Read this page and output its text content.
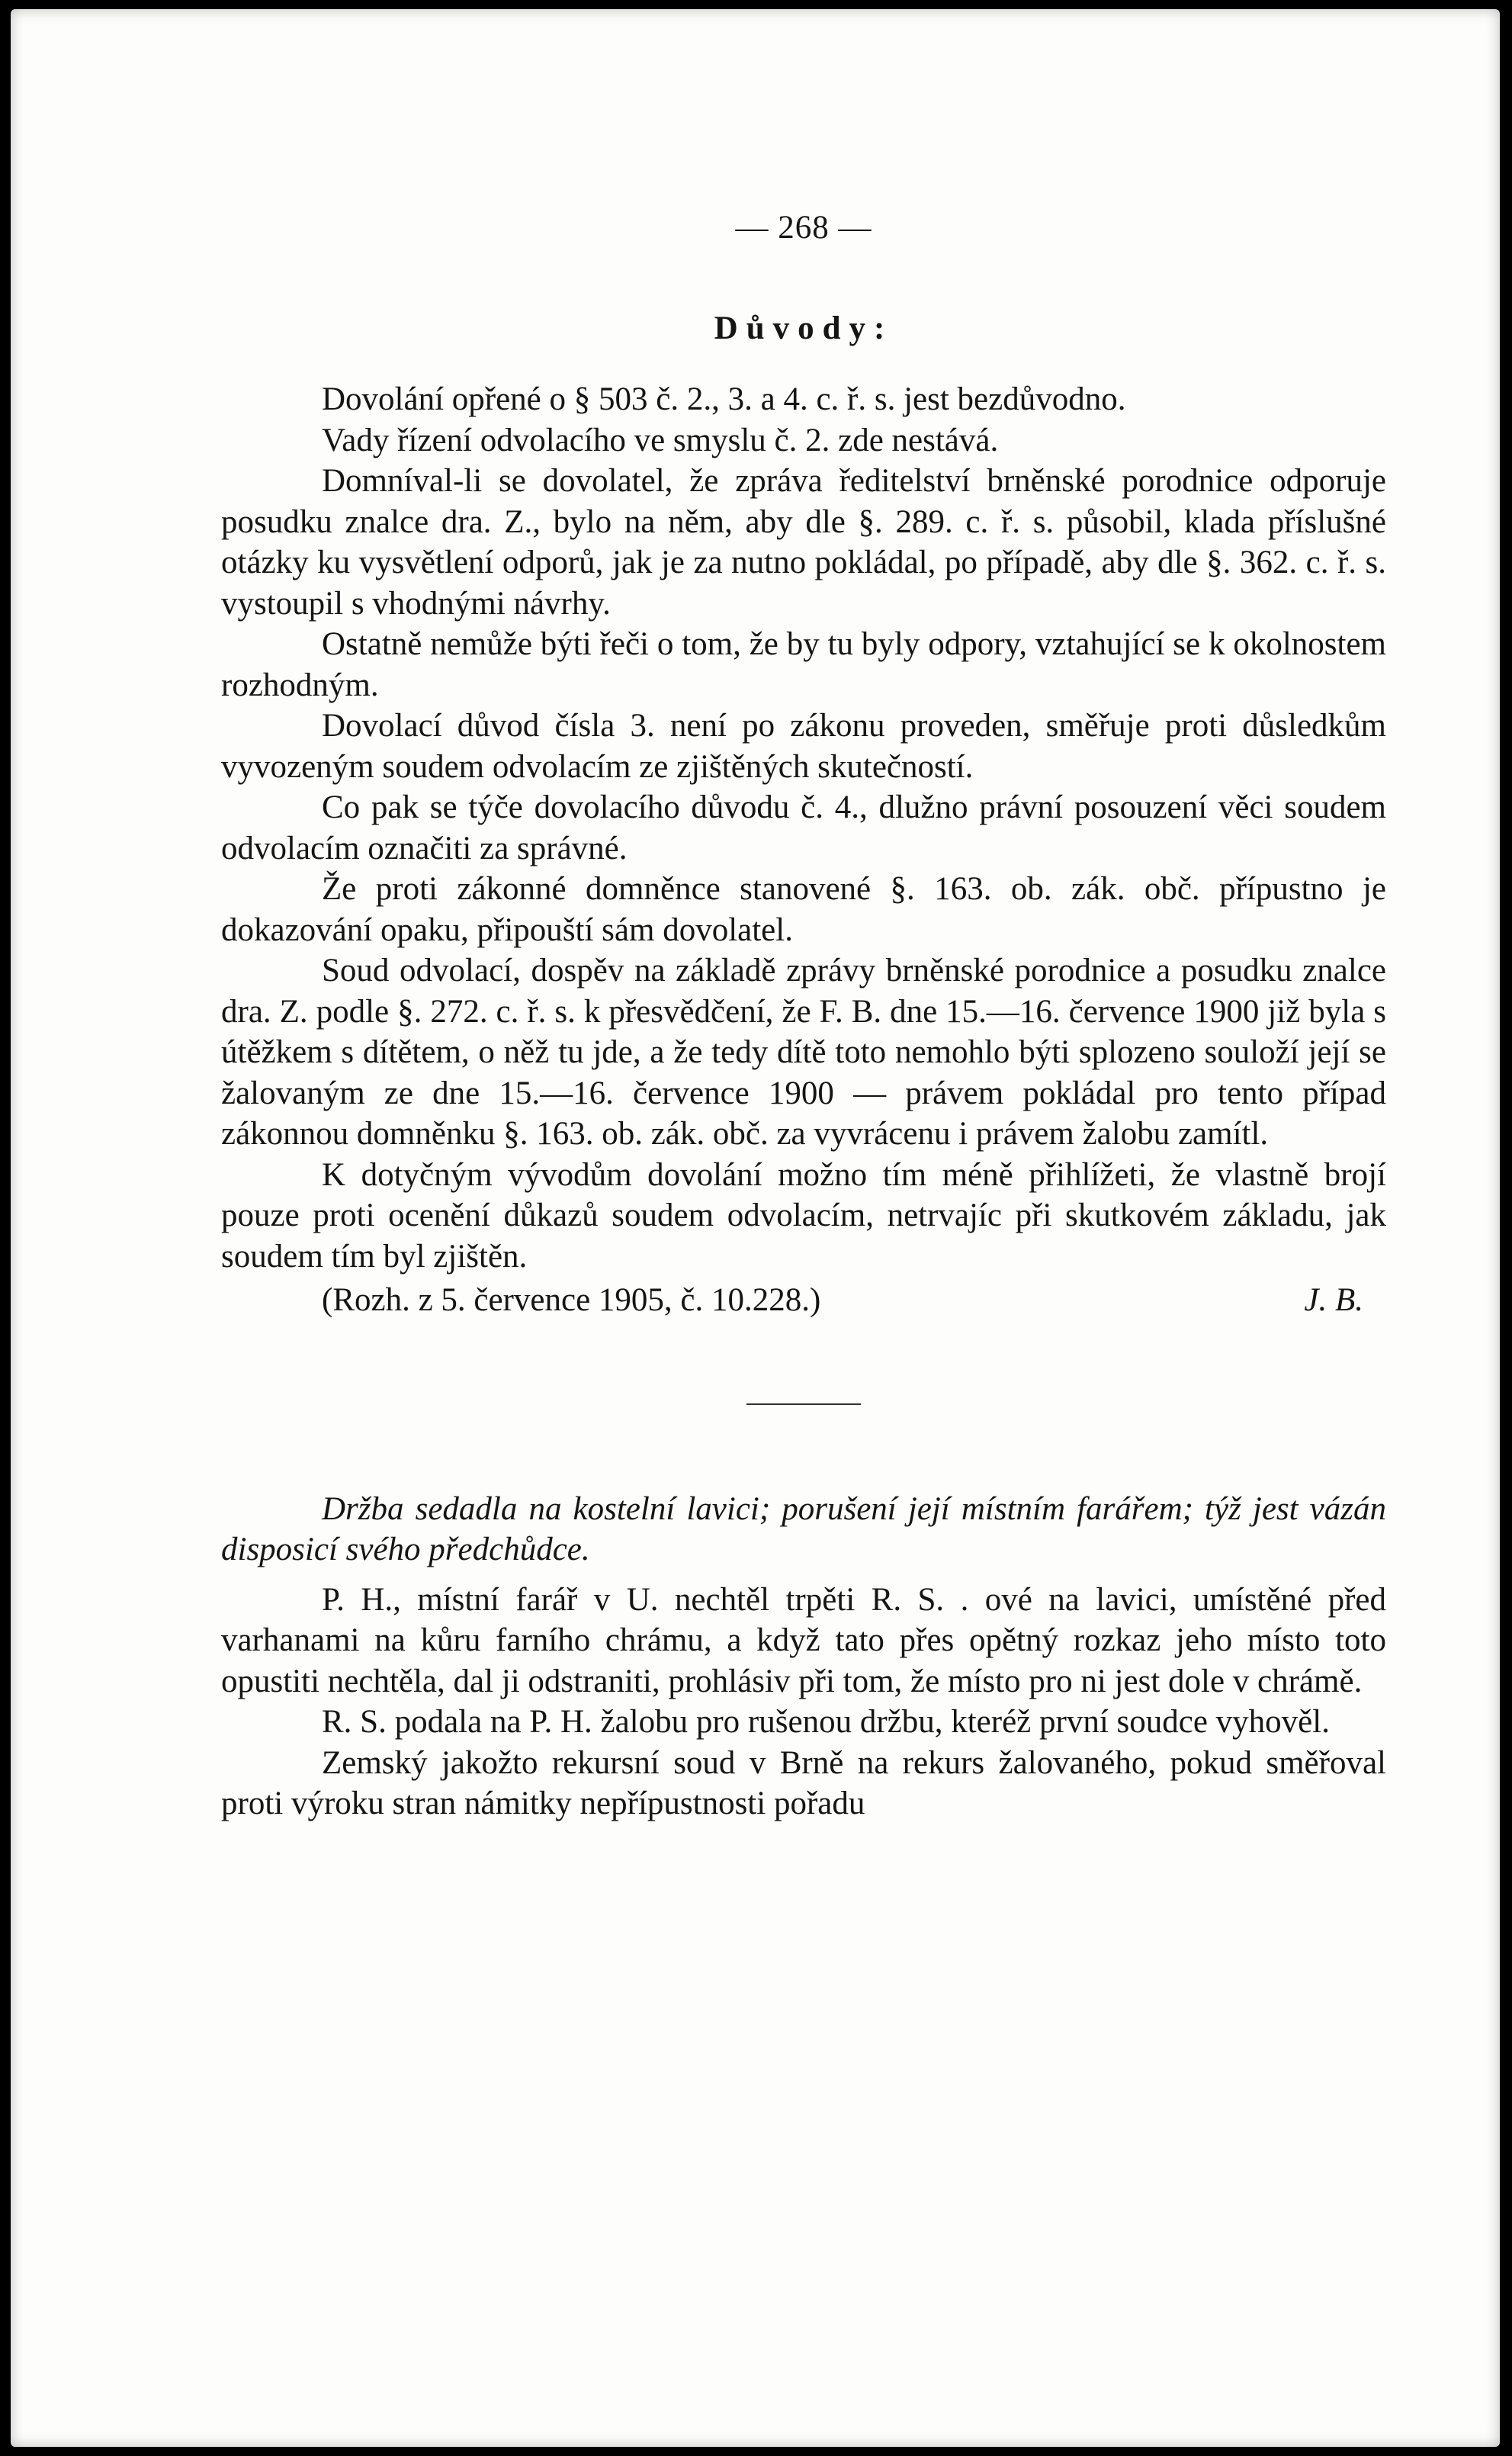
— 268 —
Důvody:

Dovolání opřené o § 503 č. 2., 3. a 4. c. ř. s. jest bezdůvodno.

Vady řízení odvolacího ve smyslu č. 2. zde nestává.

Domníval-li se dovolatel, že zpráva ředitelství brněnské porodnice odporuje posudku znalce dra. Z., bylo na něm, aby dle §. 289. c. ř. s. působil, klada příslušné otázky ku vysvětlení odporů, jak je za nutno pokládal, po případě, aby dle §. 362. c. ř. s. vystoupil s vhodnými návrhy.

Ostatně nemůže býti řeči o tom, že by tu byly odpory, vztahující se k okolnostem rozhodným.

Dovolací důvod čísla 3. není po zákonu proveden, směřuje proti důsledkům vyvozeným soudem odvolacím ze zjištěných skutečností.

Co pak se týče dovolacího důvodu č. 4., dlužno právní posouzení věci soudem odvolacím označiti za správné.

Že proti zákonné domněnce stanovené §. 163. ob. zák. obč. přípustno je dokazování opaku, připouští sám dovolatel.

Soud odvolací, dospěv na základě zprávy brněnské porodnice a posudku znalce dra. Z. podle §. 272. c. ř. s. k přesvědčení, že F. B. dne 15.—16. července 1900 již byla s útěžkem s dítětem, o něž tu jde, a že tedy dítě toto nemohlo býti splozeno souloží její se žalovaným ze dne 15.—16. července 1900 — právem pokládal pro tento případ zákonnou domněnku §. 163. ob. zák. obč. za vyvrácenu i právem žalobu zamítl.

K dotyčným vývodům dovolání možno tím méně přihlížeti, že vlastně brojí pouze proti ocenění důkazů soudem odvolacím, netrvajíc při skutkovém základu, jak soudem tím byl zjištěn.

(Rozh. z 5. července 1905, č. 10.228.)	J. B.

Držba sedadla na kostelní lavici; porušení její místním farářem; týž jest vázán disposicí svého předchůdce.

P. H., místní farář v U. nechtěl trpěti R. S. . ové na lavici, umístěné před varhanami na kůru farního chrámu, a když tato přes opětný rozkaz jeho místo toto opustiti nechtěla, dal ji odstraniti, prohlásiv při tom, že místo pro ni jest dole v chrámě.

R. S. podala na P. H. žalobu pro rušenou držbu, kteréž první soudce vyhověl.

Zemský jakožto rekursní soud v Brně na rekurs žalovaného, pokud směřoval proti výroku stran námitky nepřípustnosti pořadu
